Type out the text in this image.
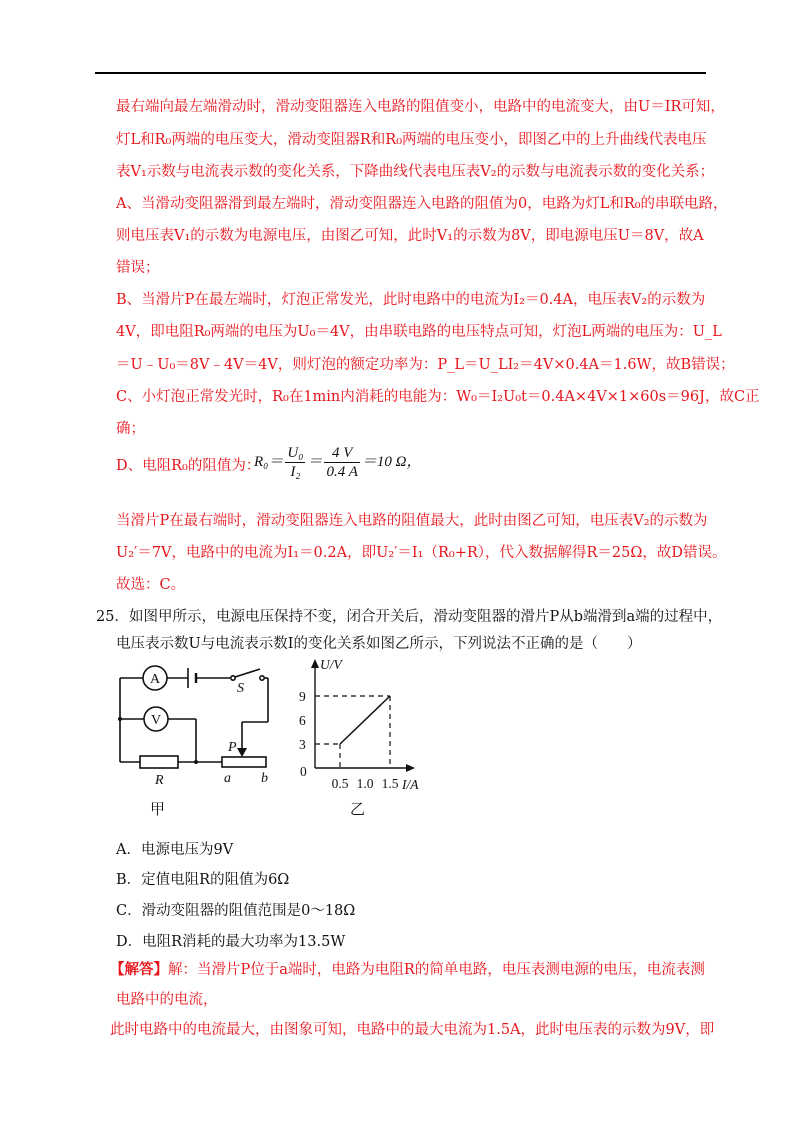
最右端向最左端滑动时，滑动变阻器连入电路的阻值变小，电路中的电流变大，由U＝IR可知，
灯L和R₀两端的电压变大，滑动变阻器R和R₀两端的电压变小，即图乙中的上升曲线代表电压
表V₁示数与电流表示数的变化关系，下降曲线代表电压表V₂的示数与电流表示数的变化关系；
A、当滑动变阻器滑到最左端时，滑动变阻器连入电路的阻值为0，电路为灯L和R₀的串联电路，
则电压表V₁的示数为电源电压，由图乙可知，此时V₁的示数为8V，即电源电压U＝8V，故A
错误；
B、当滑片P在最左端时，灯泡正常发光，此时电路中的电流为I₂＝0.4A，电压表V₂的示数为
4V，即电阻R₀两端的电压为U₀＝4V，由串联电路的电压特点可知，灯泡L两端的电压为：U_L
＝U﹣U₀＝8V﹣4V＝4V，则灯泡的额定功率为：P_L＝U_LI₂＝4V×0.4A＝1.6W，故B错误；
C、小灯泡正常发光时，R₀在1min内消耗的电能为：W₀＝I₂U₀t＝0.4A×4V×1×60s＝96J，故C正
确；
D、电阻R₀的阻值为：
$R_0= \frac{\text{U₀}}{\text{I₂}} = \frac{4 V}{0.4 A} =10$ Ω，
当滑片P在最右端时，滑动变阻器连入电路的阻值最大，此时由图乙可知，电压表V₂的示数为
U₂′＝7V，电路中的电流为I₁＝0.2A，即U₂′＝I₁（R₀+R），代入数据解得R＝25Ω，故D错误。
故选：C。
25．如图甲所示，电源电压保持不变，闭合开关后，滑动变阻器的滑片P从b端滑到a端的过程中，
电压表示数U与电流表示数I的变化关系如图乙所示，下列说法不正确的是（　　）
A
V
S
R
P
a b
甲
U/V
I/A
0
3
6
9
0.5 1.0 1.5
乙
A．电源电压为9V
B．定值电阻R的阻值为6Ω
C．滑动变阻器的阻值范围是0～18Ω
D．电阻R消耗的最大功率为13.5W
【解答】解：当滑片P位于a端时，电路为电阻R的简单电路，电压表测电源的电压，电流表测
电路中的电流，
此时电路中的电流最大，由图象可知，电路中的最大电流为1.5A，此时电压表的示数为9V，即
